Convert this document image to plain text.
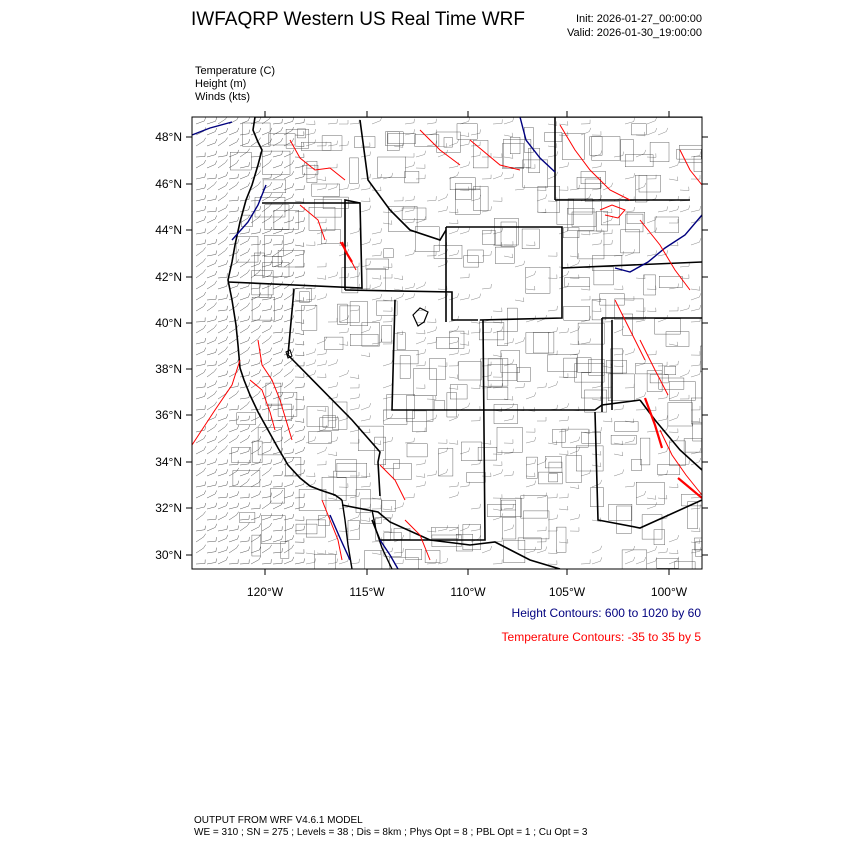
IWFAQRP Western US Real Time WRF	Init: 2026-01-27_00:00:00
Valid: 2026-01-30_19:00:00
Temperature (C)
Height (m)
Winds (kts)
48°N
46°N
44°N
42°N
40°N
38°N
36°N
34°N
32°N
30°N
120°W	115°W	110°W	105°W	100°W
Height Contours: 600 to 1020 by 60
Temperature Contours: -35 to 35 by 5
OUTPUT FROM WRF V4.6.1 MODEL
WE = 310 ; SN = 275 ; Levels = 38 ; Dis = 8km ; Phys Opt = 8 ; PBL Opt = 1 ; Cu Opt = 3
